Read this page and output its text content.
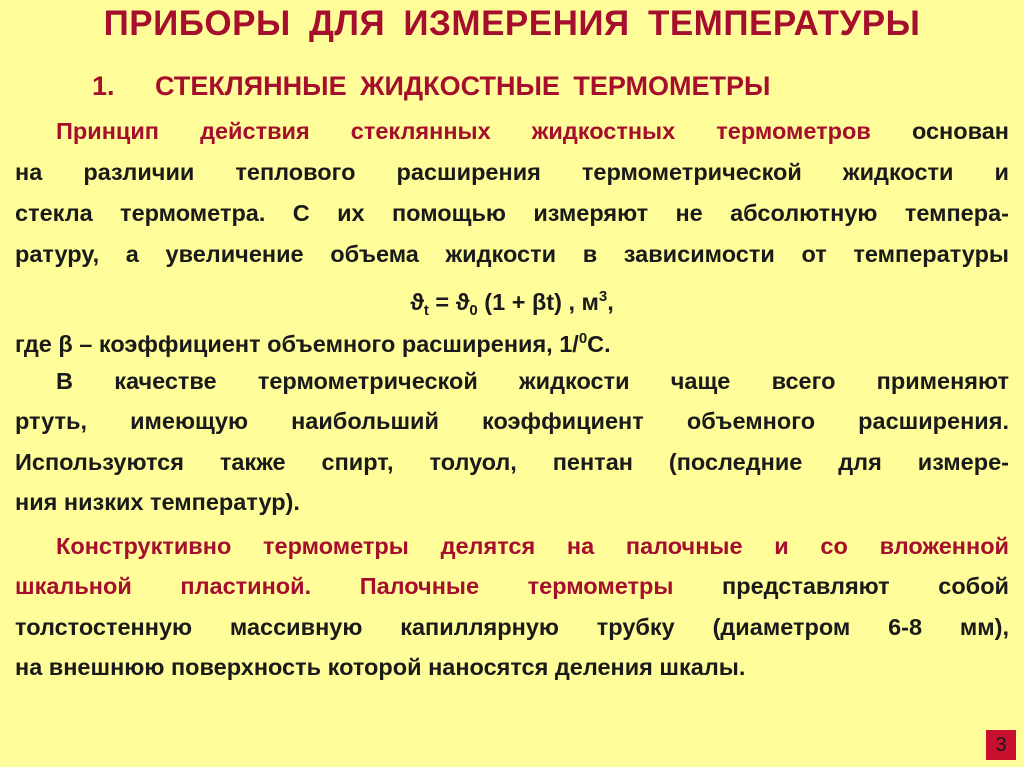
ПРИБОРЫ ДЛЯ ИЗМЕРЕНИЯ ТЕМПЕРАТУРЫ
1. СТЕКЛЯННЫЕ ЖИДКОСТНЫЕ ТЕРМОМЕТРЫ
Принцип действия стеклянных жидкостных термометров основан
на различии теплового расширения термометрической жидкости и
стекла термометра. С их помощью измеряют не абсолютную темпера-
ратуру, а увеличение объема жидкости в зависимости от температуры
$ϑ_t = ϑ_0$ (1 + βt) , $м^3$,
где β – коэффициент объемного расширения, 1/$^0$С.
В качестве термометрической жидкости чаще всего применяют
ртуть, имеющую наибольший коэффициент объемного расширения.
Используются также спирт, толуол, пентан (последние для измере-
ния низких температур).
Конструктивно термометры делятся на палочные и со вложенной
шкальной пластиной. Палочные термометры представляют собой
толстостенную массивную капиллярную трубку (диаметром 6-8 мм),
на внешнюю поверхность которой наносятся деления шкалы.
3
